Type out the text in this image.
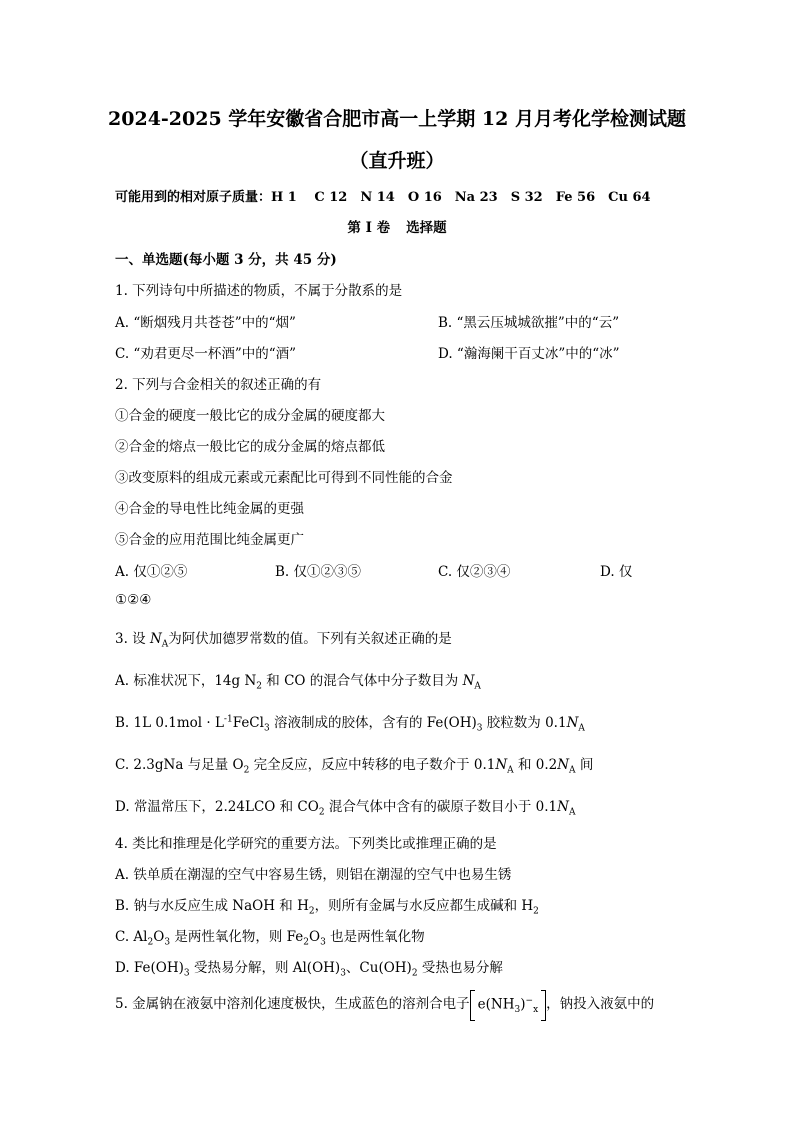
2024-2025 学年安徽省合肥市高一上学期 12 月月考化学检测试题
（直升班）
可能用到的相对原子质量：H 1　 C 12　N 14　O 16　Na 23　S 32　Fe 56　Cu 64
第 I 卷 选择题
一、单选题(每小题 3 分，共 45 分)
1. 下列诗句中所描述的物质，不属于分散系的是
A. “断烟残月共苍苍”中的“烟”	B. “黑云压城城欲摧”中的“云”
C. “劝君更尽一杯酒”中的“酒”	D. “瀚海阑干百丈冰”中的“冰”
2. 下列与合金相关的叙述正确的有
①合金的硬度一般比它的成分金属的硬度都大
②合金的熔点一般比它的成分金属的熔点都低
③改变原料的组成元素或元素配比可得到不同性能的合金
④合金的导电性比纯金属的更强
⑤合金的应用范围比纯金属更广
A. 仅①②⑤	B. 仅①②③⑤	C. 仅②③④	D. 仅
①②④
3. 设 $N_A$为阿伏加德罗常数的值。下列有关叙述正确的是
A. 标准状况下，14g $N_2$ 和 CO 的混合气体中分子数目为 $N_A$
B. 1L $0.1mol \cdot L^{-1}FeCl_3$ 溶液制成的胶体，含有的 $Fe(OH)_3$ 胶粒数为 $0.1N_A$
C. 2.3gNa 与足量 $O_2$ 完全反应，反应中转移的电子数介于 $0.1N_A$ 和 $0.2N_A$ 间
D. 常温常压下，2.24LCO 和 $CO_2$ 混合气体中含有的碳原子数目小于 $0.1N_A$
4. 类比和推理是化学研究的重要方法。下列类比或推理正确的是
A. 铁单质在潮湿的空气中容易生锈，则铝在潮湿的空气中也易生锈
B. 钠与水反应生成 NaOH 和 $H_2$，则所有金属与水反应都生成碱和 $H_2$
C. $Al_2O_3$ 是两性氧化物，则 $Fe_2O_3$ 也是两性氧化物
D. $Fe(OH)_3$ 受热易分解，则 $Al(OH)_3$、$Cu(OH)_2$ 受热也易分解
5. 金属钠在液氨中溶剂化速度极快，生成蓝色的溶剂合电子 $e(NH_3)^-_x$ ，钠投入液氨中的
